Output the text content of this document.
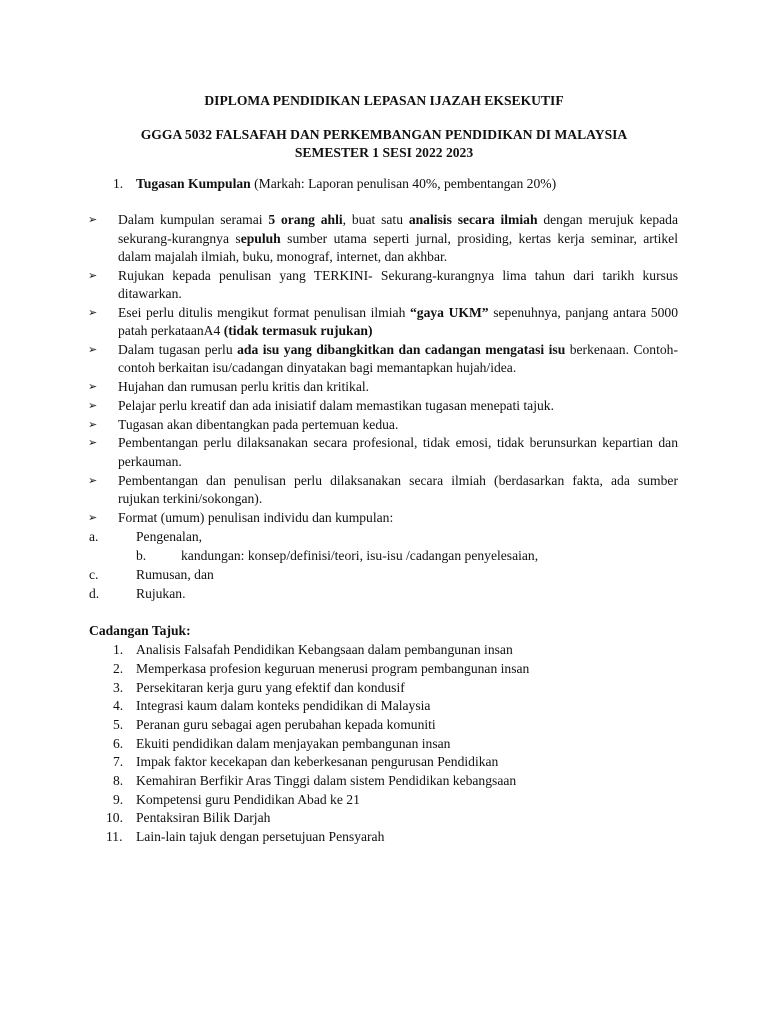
DIPLOMA PENDIDIKAN LEPASAN IJAZAH EKSEKUTIF
GGGA 5032 FALSAFAH DAN PERKEMBANGAN PENDIDIKAN DI MALAYSIA
SEMESTER 1 SESI 2022 2023
1. Tugasan Kumpulan (Markah: Laporan penulisan 40%, pembentangan 20%)
➢ Dalam kumpulan seramai 5 orang ahli, buat satu analisis secara ilmiah dengan merujuk kepada
sekurang-kurangnya sepuluh sumber utama seperti jurnal, prosiding, kertas kerja seminar, artikel
dalam majalah ilmiah, buku, monograf, internet, dan akhbar.
➢ Rujukan kepada penulisan yang TERKINI- Sekurang-kurangnya lima tahun dari tarikh kursus
ditawarkan.
➢ Esei perlu ditulis mengikut format penulisan ilmiah “gaya UKM” sepenuhnya, panjang antara 5000
patah perkataanA4 (tidak termasuk rujukan)
➢ Dalam tugasan perlu ada isu yang dibangkitkan dan cadangan mengatasi isu berkenaan. Contoh-
contoh berkaitan isu/cadangan dinyatakan bagi memantapkan hujah/idea.
➢ Hujahan dan rumusan perlu kritis dan kritikal.
➢ Pelajar perlu kreatif dan ada inisiatif dalam memastikan tugasan menepati tajuk.
➢ Tugasan akan dibentangkan pada pertemuan kedua.
➢ Pembentangan perlu dilaksanakan secara profesional, tidak emosi, tidak berunsurkan kepartian dan
perkauman.
➢ Pembentangan dan penulisan perlu dilaksanakan secara ilmiah (berdasarkan fakta, ada sumber
rujukan terkini/sokongan).
➢ Format (umum) penulisan individu dan kumpulan:
a.	Pengenalan,
b.	kandungan: konsep/definisi/teori, isu-isu /cadangan penyelesaian,
c.	Rumusan, dan
d.	Rujukan.
Cadangan Tajuk:
1. Analisis Falsafah Pendidikan Kebangsaan dalam pembangunan insan
2. Memperkasa profesion keguruan menerusi program pembangunan insan
3. Persekitaran kerja guru yang efektif dan kondusif
4. Integrasi kaum dalam konteks pendidikan di Malaysia
5. Peranan guru sebagai agen perubahan kepada komuniti
6. Ekuiti pendidikan dalam menjayakan pembangunan insan
7. Impak faktor kecekapan dan keberkesanan pengurusan Pendidikan
8. Kemahiran Berfikir Aras Tinggi dalam sistem Pendidikan kebangsaan
9. Kompetensi guru Pendidikan Abad ke 21
10. Pentaksiran Bilik Darjah
11. Lain-lain tajuk dengan persetujuan Pensyarah
